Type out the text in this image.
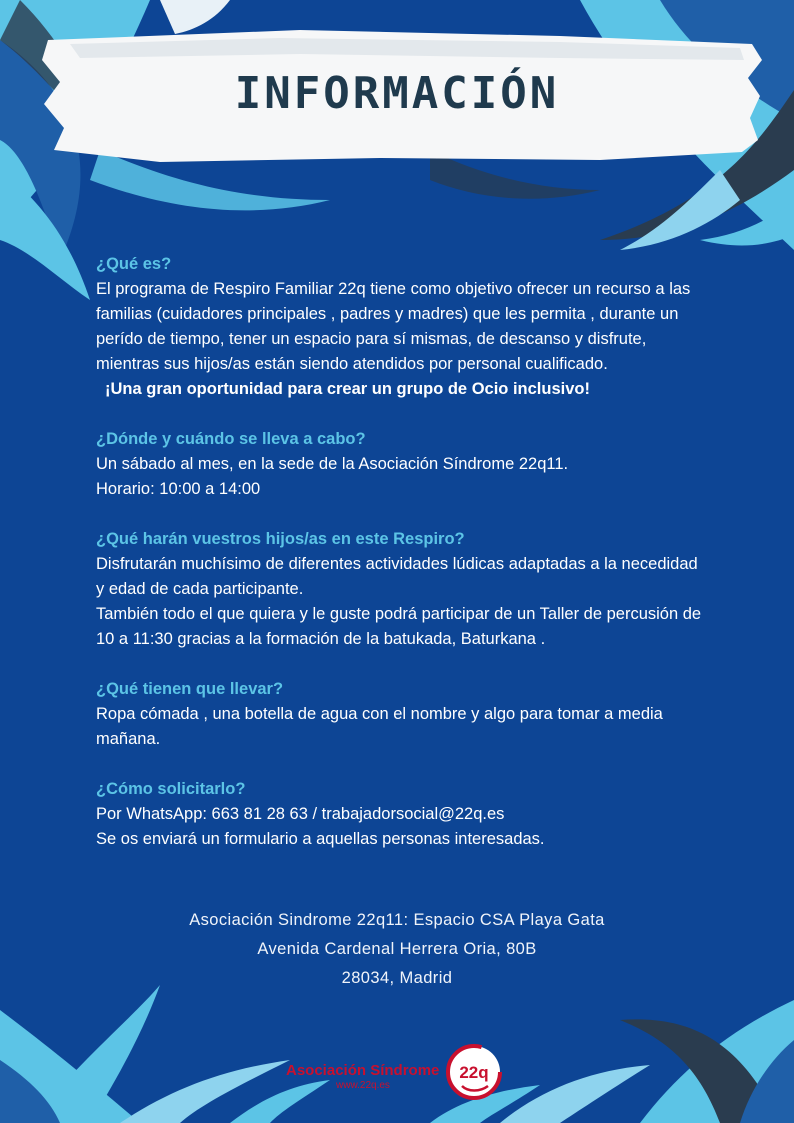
INFORMACIÓN

¿Qué es?

El programa de Respiro Familiar 22q tiene como objetivo ofrecer un recurso a las familias (cuidadores principales , padres y madres) que les permita , durante un perído de tiempo, tener un espacio para sí mismas, de descanso y disfrute, mientras sus hijos/as están siendo atendidos por personal cualificado.

¡Una gran oportunidad para crear un grupo de Ocio inclusivo!

¿Dónde y cuándo se lleva a cabo?

Un sábado al mes, en la sede de la Asociación Síndrome 22q11.

Horario: 10:00 a 14:00

¿Qué harán vuestros hijos/as en este Respiro?

Disfrutarán muchísimo de diferentes actividades lúdicas adaptadas a la necedidad y edad de cada participante.

También todo el que quiera y le guste podrá participar de un Taller de percusión de 10 a 11:30 gracias a la formación de la batukada, Baturkana .

¿Qué tienen que llevar?

Ropa cómada , una botella de agua con el nombre y algo para tomar a media mañana.

¿Cómo solicitarlo?

Por WhatsApp: 663 81 28 63 / trabajadorsocial@22q.es

Se os enviará un formulario a aquellas personas interesadas.

Asociación Sindrome 22q11: Espacio CSA Playa Gata

Avenida Cardenal Herrera Oria, 80B

28034, Madrid

Asociación Síndrome

www.22q.es

22q
